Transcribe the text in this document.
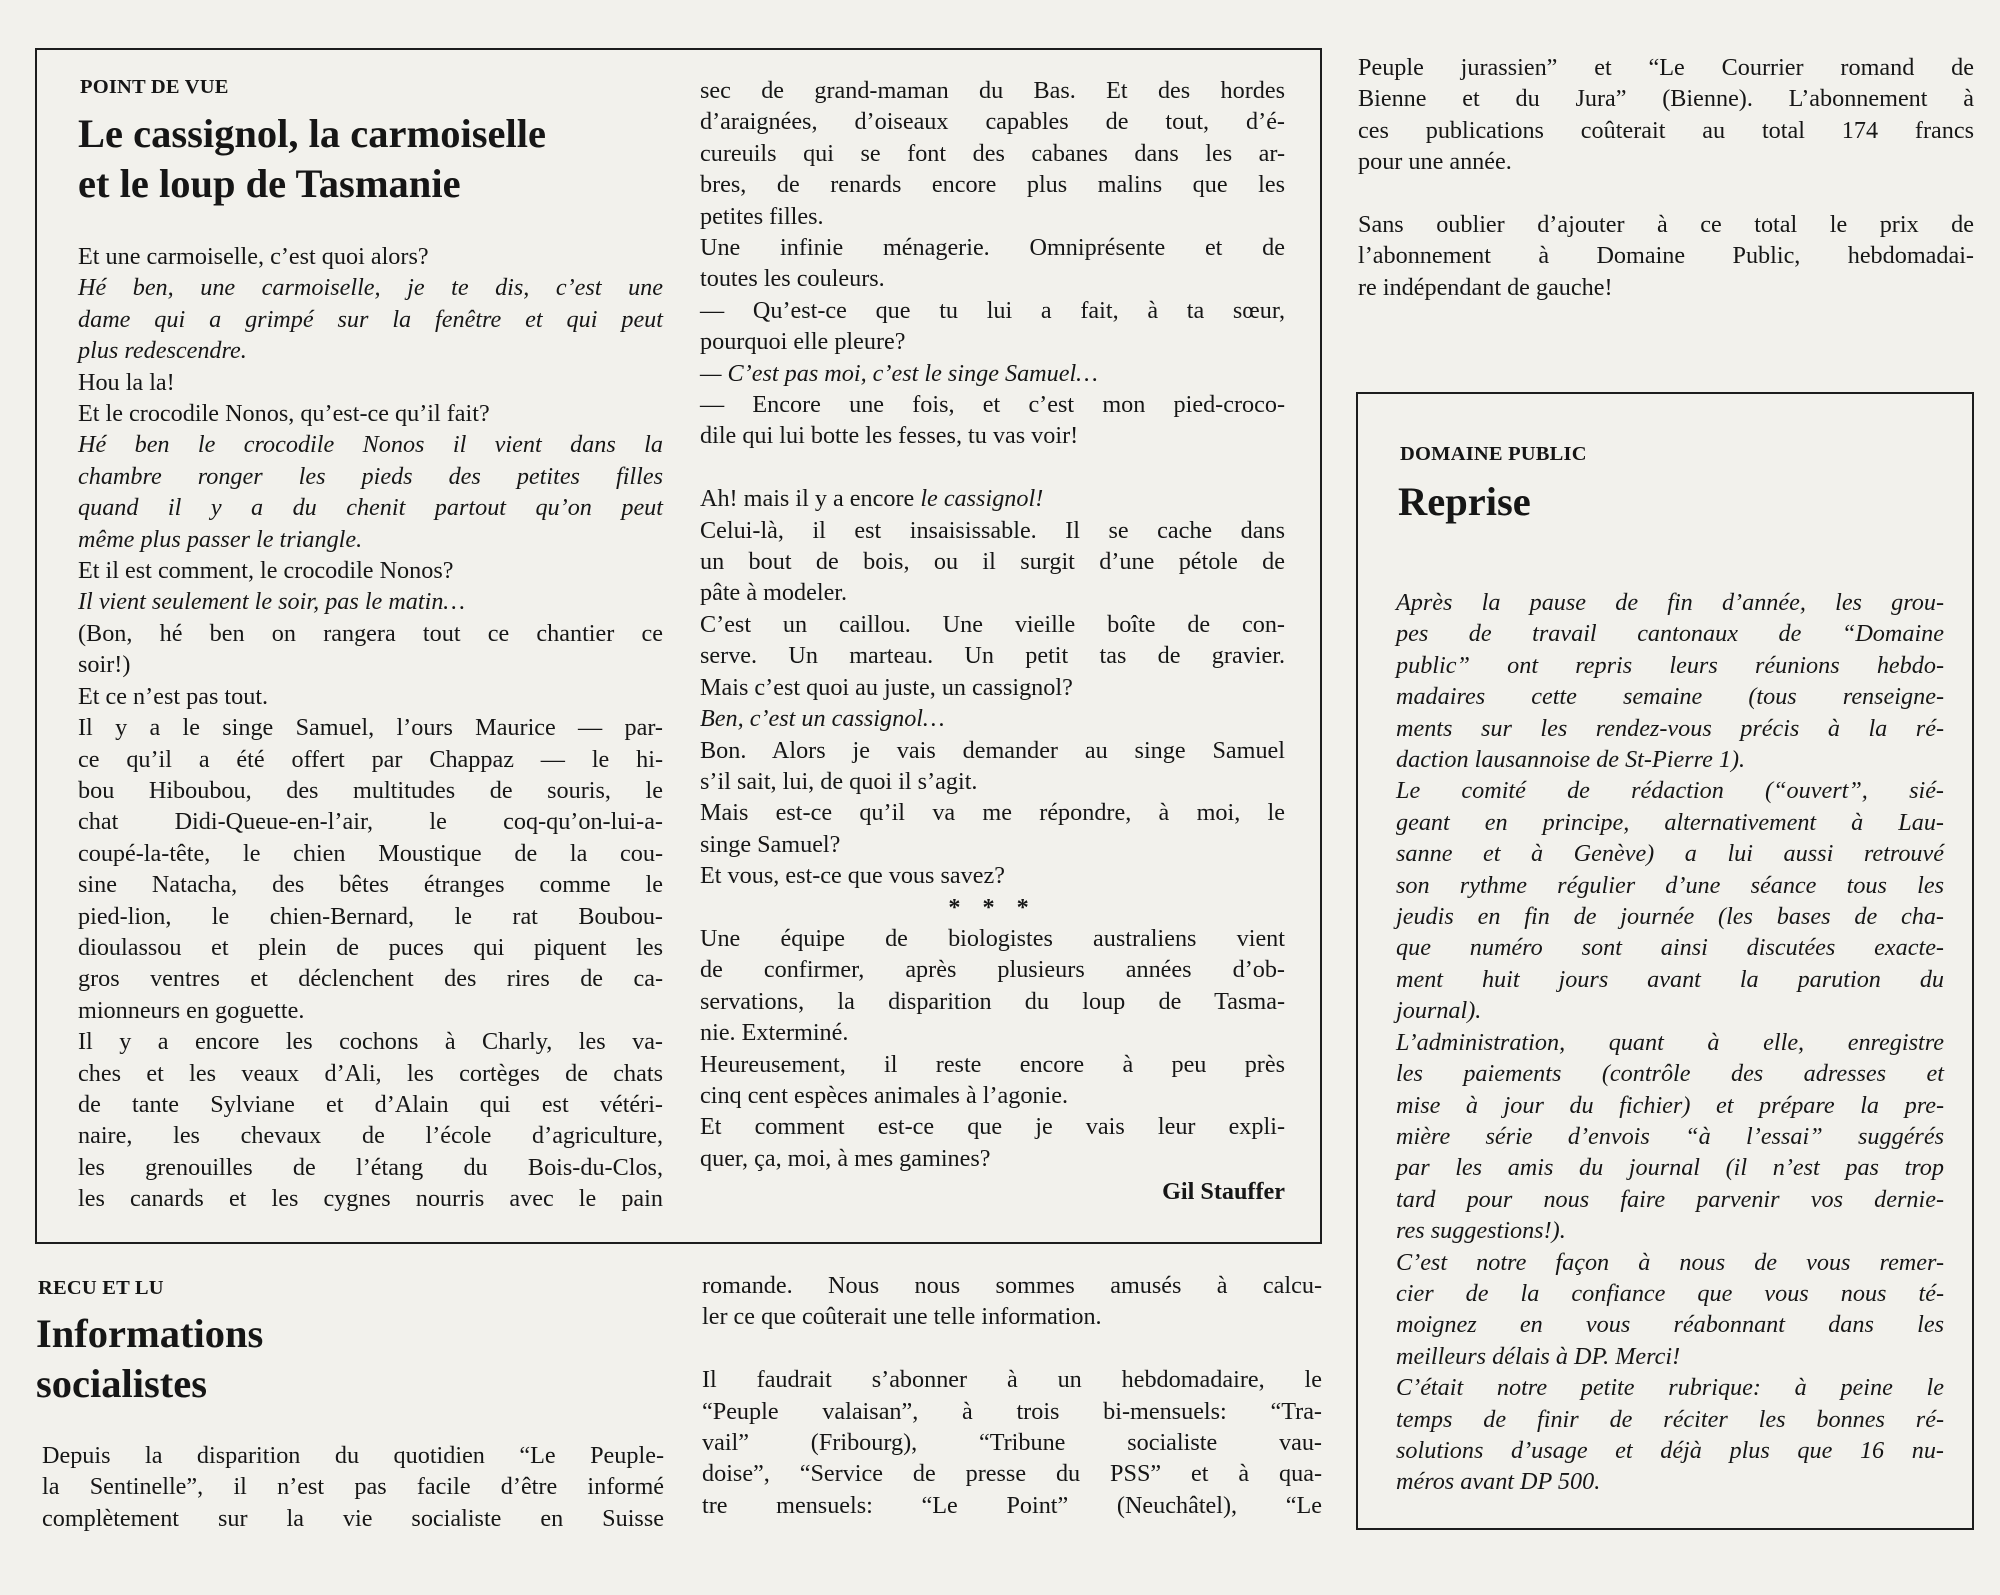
POINT DE VUE
Le cassignol, la carmoiselle
et le loup de Tasmanie
Et une carmoiselle, c’est quoi alors?
Hé ben, une carmoiselle, je te dis, c’est une
dame qui a grimpé sur la fenêtre et qui peut
plus redescendre.
Hou la la!
Et le crocodile Nonos, qu’est-ce qu’il fait?
Hé ben le crocodile Nonos il vient dans la
chambre ronger les pieds des petites filles
quand il y a du chenit partout qu’on peut
même plus passer le triangle.
Et il est comment, le crocodile Nonos?
Il vient seulement le soir, pas le matin…
(Bon, hé ben on rangera tout ce chantier ce
soir!)
Et ce n’est pas tout.
Il y a le singe Samuel, l’ours Maurice — par-
ce qu’il a été offert par Chappaz — le hi-
bou Hiboubou, des multitudes de souris, le
chat Didi-Queue-en-l’air, le coq-qu’on-lui-a-
coupé-la-tête, le chien Moustique de la cou-
sine Natacha, des bêtes étranges comme le
pied-lion, le chien-Bernard, le rat Boubou-
dioulassou et plein de puces qui piquent les
gros ventres et déclenchent des rires de ca-
mionneurs en goguette.
Il y a encore les cochons à Charly, les va-
ches et les veaux d’Ali, les cortèges de chats
de tante Sylviane et d’Alain qui est vétéri-
naire, les chevaux de l’école d’agriculture,
les grenouilles de l’étang du Bois-du-Clos,
les canards et les cygnes nourris avec le pain
sec de grand-maman du Bas. Et des hordes
d’araignées, d’oiseaux capables de tout, d’é-
cureuils qui se font des cabanes dans les ar-
bres, de renards encore plus malins que les
petites filles.
Une infinie ménagerie. Omniprésente et de
toutes les couleurs.
— Qu’est-ce que tu lui a fait, à ta sœur,
pourquoi elle pleure?
— C’est pas moi, c’est le singe Samuel…
— Encore une fois, et c’est mon pied-croco-
dile qui lui botte les fesses, tu vas voir!
Ah! mais il y a encore le cassignol!
Celui-là, il est insaisissable. Il se cache dans
un bout de bois, ou il surgit d’une pétole de
pâte à modeler.
C’est un caillou. Une vieille boîte de con-
serve. Un marteau. Un petit tas de gravier.
Mais c’est quoi au juste, un cassignol?
Ben, c’est un cassignol…
Bon. Alors je vais demander au singe Samuel
s’il sait, lui, de quoi il s’agit.
Mais est-ce qu’il va me répondre, à moi, le
singe Samuel?
Et vous, est-ce que vous savez?
* * *
Une équipe de biologistes australiens vient
de confirmer, après plusieurs années d’ob-
servations, la disparition du loup de Tasma-
nie. Exterminé.
Heureusement, il reste encore à peu près
cinq cent espèces animales à l’agonie.
Et comment est-ce que je vais leur expli-
quer, ça, moi, à mes gamines?
Gil Stauffer
RECU ET LU
Informations
socialistes
Depuis la disparition du quotidien “Le Peuple-
la Sentinelle”, il n’est pas facile d’être informé
complètement sur la vie socialiste en Suisse
romande. Nous nous sommes amusés à calcu-
ler ce que coûterait une telle information.
Il faudrait s’abonner à un hebdomadaire, le
“Peuple valaisan”, à trois bi-mensuels: “Tra-
vail” (Fribourg), “Tribune socialiste vau-
doise”, “Service de presse du PSS” et à qua-
tre mensuels: “Le Point” (Neuchâtel), “Le
Peuple jurassien” et “Le Courrier romand de
Bienne et du Jura” (Bienne). L’abonnement à
ces publications coûterait au total 174 francs
pour une année.
Sans oublier d’ajouter à ce total le prix de
l’abonnement à Domaine Public, hebdomadai-
re indépendant de gauche!
DOMAINE PUBLIC
Reprise
Après la pause de fin d’année, les grou-
pes de travail cantonaux de “Domaine
public” ont repris leurs réunions hebdo-
madaires cette semaine (tous renseigne-
ments sur les rendez-vous précis à la ré-
daction lausannoise de St-Pierre 1).
Le comité de rédaction (“ouvert”, sié-
geant en principe, alternativement à Lau-
sanne et à Genève) a lui aussi retrouvé
son rythme régulier d’une séance tous les
jeudis en fin de journée (les bases de cha-
que numéro sont ainsi discutées exacte-
ment huit jours avant la parution du
journal).
L’administration, quant à elle, enregistre
les paiements (contrôle des adresses et
mise à jour du fichier) et prépare la pre-
mière série d’envois “à l’essai” suggérés
par les amis du journal (il n’est pas trop
tard pour nous faire parvenir vos dernie-
res suggestions!).
C’est notre façon à nous de vous remer-
cier de la confiance que vous nous té-
moignez en vous réabonnant dans les
meilleurs délais à DP. Merci!
C’était notre petite rubrique: à peine le
temps de finir de réciter les bonnes ré-
solutions d’usage et déjà plus que 16 nu-
méros avant DP 500.
